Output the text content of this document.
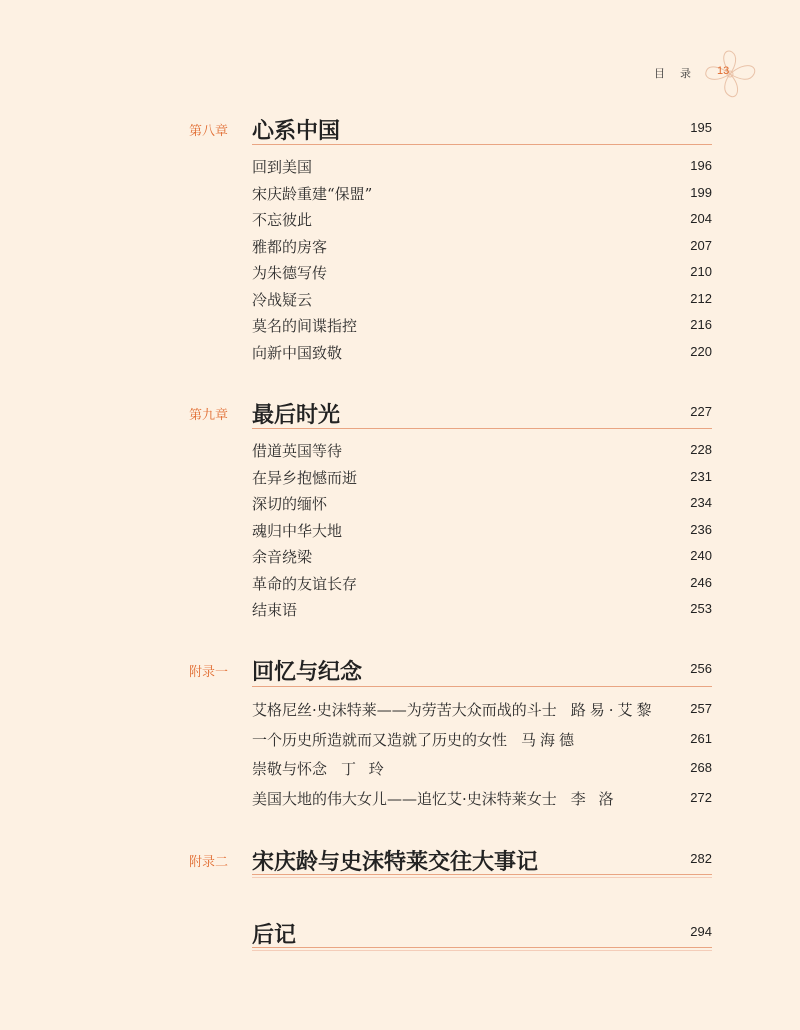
目 录 13
第八章 心系中国	195
回到美国	196
宋庆龄重建“保盟”	199
不忘彼此	204
雅都的房客	207
为朱德写传	210
冷战疑云	212
莫名的间谍指控	216
向新中国致敬	220
第九章 最后时光	227
借道英国等待	228
在异乡抱憾而逝	231
深切的缅怀	234
魂归中华大地	236
余音绕梁	240
革命的友谊长存	246
结束语	253
附录一 回忆与纪念	256
艾格尼丝·史沫特莱——为劳苦大众而战的斗士 路易·艾黎	257
一个历史所造就而又造就了历史的女性 马海德	261
崇敬与怀念 丁 玲	268
美国大地的伟大女儿——追忆艾·史沫特莱女士 李 洛	272
附录二 宋庆龄与史沫特莱交往大事记	282
后记	294
